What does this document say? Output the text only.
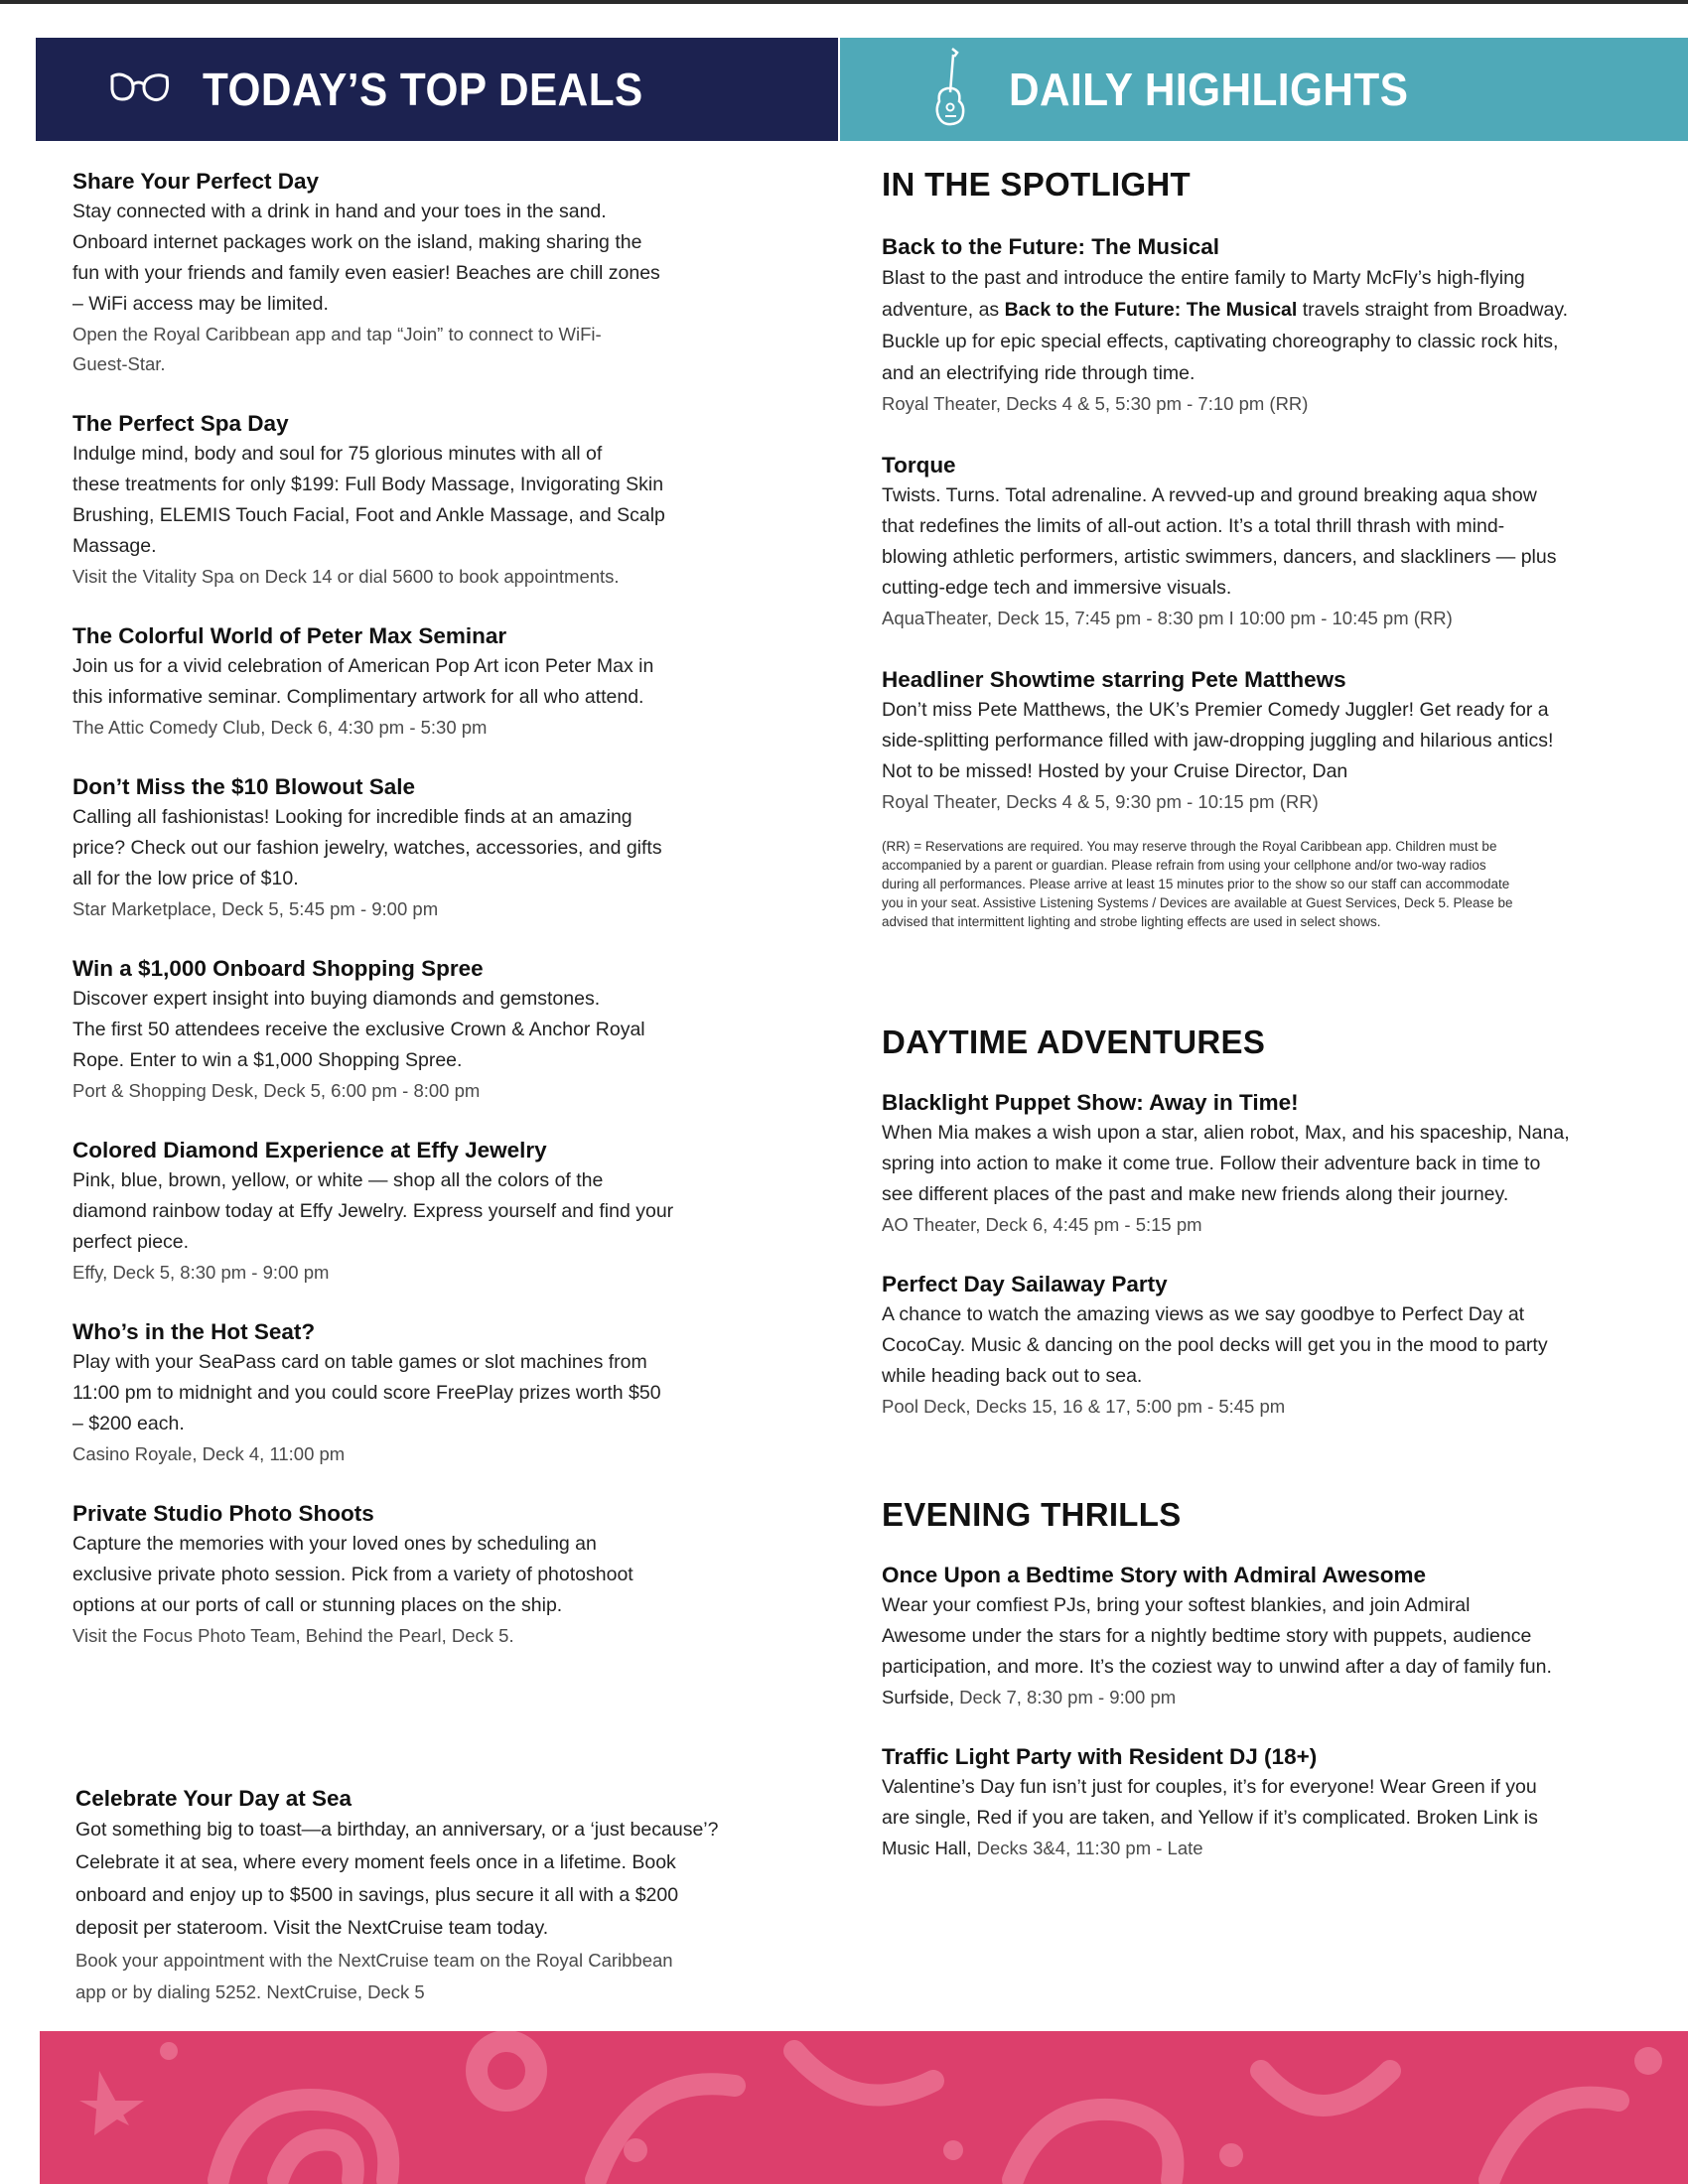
TODAY’S TOP DEALS	DAILY HIGHLIGHTS
Share Your Perfect Day
Stay connected with a drink in hand and your toes in the sand.
Onboard internet packages work on the island, making sharing the
fun with your friends and family even easier! Beaches are chill zones
– WiFi access may be limited.
Open the Royal Caribbean app and tap “Join” to connect to WiFi-
Guest-Star.
The Perfect Spa Day
Indulge mind, body and soul for 75 glorious minutes with all of
these treatments for only $199: Full Body Massage, Invigorating Skin
Brushing, ELEMIS Touch Facial, Foot and Ankle Massage, and Scalp
Massage.
Visit the Vitality Spa on Deck 14 or dial 5600 to book appointments.
The Colorful World of Peter Max Seminar
Join us for a vivid celebration of American Pop Art icon Peter Max in
this informative seminar. Complimentary artwork for all who attend.
The Attic Comedy Club, Deck 6, 4:30 pm - 5:30 pm
Don’t Miss the $10 Blowout Sale
Calling all fashionistas! Looking for incredible finds at an amazing
price? Check out our fashion jewelry, watches, accessories, and gifts
all for the low price of $10.
Star Marketplace, Deck 5, 5:45 pm - 9:00 pm
Win a $1,000 Onboard Shopping Spree
Discover expert insight into buying diamonds and gemstones.
The first 50 attendees receive the exclusive Crown & Anchor Royal
Rope. Enter to win a $1,000 Shopping Spree.
Port & Shopping Desk, Deck 5, 6:00 pm - 8:00 pm
Colored Diamond Experience at Effy Jewelry
Pink, blue, brown, yellow, or white — shop all the colors of the
diamond rainbow today at Effy Jewelry. Express yourself and find your
perfect piece.
Effy, Deck 5, 8:30 pm - 9:00 pm
Who’s in the Hot Seat?
Play with your SeaPass card on table games or slot machines from
11:00 pm to midnight and you could score FreePlay prizes worth $50
– $200 each.
Casino Royale, Deck 4, 11:00 pm
Private Studio Photo Shoots
Capture the memories with your loved ones by scheduling an
exclusive private photo session. Pick from a variety of photoshoot
options at our ports of call or stunning places on the ship.
Visit the Focus Photo Team, Behind the Pearl, Deck 5.
Celebrate Your Day at Sea
Got something big to toast—a birthday, an anniversary, or a ‘just because’?
Celebrate it at sea, where every moment feels once in a lifetime. Book
onboard and enjoy up to $500 in savings, plus secure it all with a $200
deposit per stateroom. Visit the NextCruise team today.
Book your appointment with the NextCruise team on the Royal Caribbean
app or by dialing 5252. NextCruise, Deck 5
IN THE SPOTLIGHT
Back to the Future: The Musical
Blast to the past and introduce the entire family to Marty McFly’s high-flying
adventure, as Back to the Future: The Musical travels straight from Broadway.
Buckle up for epic special effects, captivating choreography to classic rock hits,
and an electrifying ride through time.
Royal Theater, Decks 4 & 5, 5:30 pm - 7:10 pm (RR)
Torque
Twists. Turns. Total adrenaline. A revved-up and ground breaking aqua show
that redefines the limits of all-out action. It’s a total thrill thrash with mind-
blowing athletic performers, artistic swimmers, dancers, and slackliners — plus
cutting-edge tech and immersive visuals.
AquaTheater, Deck 15, 7:45 pm - 8:30 pm I 10:00 pm - 10:45 pm (RR)
Headliner Showtime starring Pete Matthews
Don’t miss Pete Matthews, the UK’s Premier Comedy Juggler! Get ready for a
side-splitting performance filled with jaw-dropping juggling and hilarious antics!
Not to be missed! Hosted by your Cruise Director, Dan
Royal Theater, Decks 4 & 5, 9:30 pm - 10:15 pm (RR)
(RR) = Reservations are required. You may reserve through the Royal Caribbean app. Children must be
accompanied by a parent or guardian. Please refrain from using your cellphone and/or two-way radios
during all performances. Please arrive at least 15 minutes prior to the show so our staff can accommodate
you in your seat. Assistive Listening Systems / Devices are available at Guest Services, Deck 5. Please be
advised that intermittent lighting and strobe lighting effects are used in select shows.
DAYTIME ADVENTURES
Blacklight Puppet Show: Away in Time!
When Mia makes a wish upon a star, alien robot, Max, and his spaceship, Nana,
spring into action to make it come true. Follow their adventure back in time to
see different places of the past and make new friends along their journey.
AO Theater, Deck 6, 4:45 pm - 5:15 pm
Perfect Day Sailaway Party
A chance to watch the amazing views as we say goodbye to Perfect Day at
CocoCay. Music & dancing on the pool decks will get you in the mood to party
while heading back out to sea.
Pool Deck, Decks 15, 16 & 17, 5:00 pm - 5:45 pm
EVENING THRILLS
Once Upon a Bedtime Story with Admiral Awesome
Wear your comfiest PJs, bring your softest blankies, and join Admiral
Awesome under the stars for a nightly bedtime story with puppets, audience
participation, and more. It’s the coziest way to unwind after a day of family fun.
Surfside, Deck 7, 8:30 pm - 9:00 pm
Traffic Light Party with Resident DJ (18+)
Valentine’s Day fun isn’t just for couples, it’s for everyone! Wear Green if you
are single, Red if you are taken, and Yellow if it’s complicated. Broken Link is
Music Hall, Decks 3&4, 11:30 pm - Late
